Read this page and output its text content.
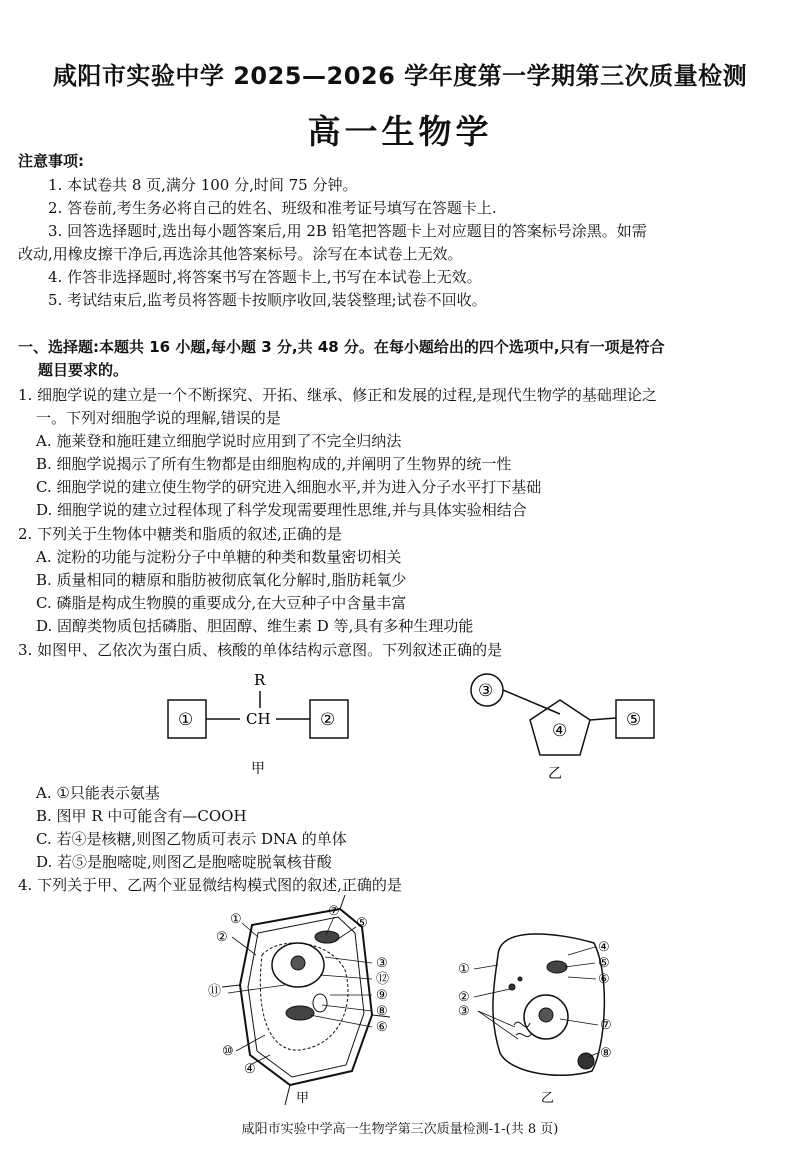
咸阳市实验中学 2025—2026 学年度第一学期第三次质量检测
高一生物学
注意事项:
1. 本试卷共 8 页,满分 100 分,时间 75 分钟。
2. 答卷前,考生务必将自己的姓名、班级和准考证号填写在答题卡上.
3. 回答选择题时,选出每小题答案后,用 2B 铅笔把答题卡上对应题目的答案标号涂黑。如需
改动,用橡皮擦干净后,再选涂其他答案标号。涂写在本试卷上无效。
4. 作答非选择题时,将答案书写在答题卡上,书写在本试卷上无效。
5. 考试结束后,监考员将答题卡按顺序收回,装袋整理;试卷不回收。
一、选择题:本题共 16 小题,每小题 3 分,共 48 分。在每小题给出的四个选项中,只有一项是符合
题目要求的。
1. 细胞学说的建立是一个不断探究、开拓、继承、修正和发展的过程,是现代生物学的基础理论之
一。下列对细胞学说的理解,错误的是
A. 施莱登和施旺建立细胞学说时应用到了不完全归纳法
B. 细胞学说揭示了所有生物都是由细胞构成的,并阐明了生物界的统一性
C. 细胞学说的建立使生物学的研究进入细胞水平,并为进入分子水平打下基础
D. 细胞学说的建立过程体现了科学发现需要理性思维,并与具体实验相结合
2. 下列关于生物体中糖类和脂质的叙述,正确的是
A. 淀粉的功能与淀粉分子中单糖的种类和数量密切相关
B. 质量相同的糖原和脂肪被彻底氧化分解时,脂肪耗氧少
C. 磷脂是构成生物膜的重要成分,在大豆种子中含量丰富
D. 固醇类物质包括磷脂、胆固醇、维生素 D 等,具有多种生理功能
3. 如图甲、乙依次为蛋白质、核酸的单体结构示意图。下列叙述正确的是
R
CH
①	②
甲
③
④
⑤
乙
A. ①只能表示氨基
B. 图甲 R 中可能含有—COOH
C. 若④是核糖,则图乙物质可表示 DNA 的单体
D. 若⑤是胞嘧啶,则图乙是胞嘧啶脱氧核苷酸
4. 下列关于甲、乙两个亚显微结构模式图的叙述,正确的是
①
②
⑦
⑤
③
⑫
⑪	⑨
⑧
⑥
⑩
④
甲
④
⑤
⑥
①
②
③
⑦
⑧
乙
咸阳市实验中学高一生物学第三次质量检测-1-(共 8 页)
